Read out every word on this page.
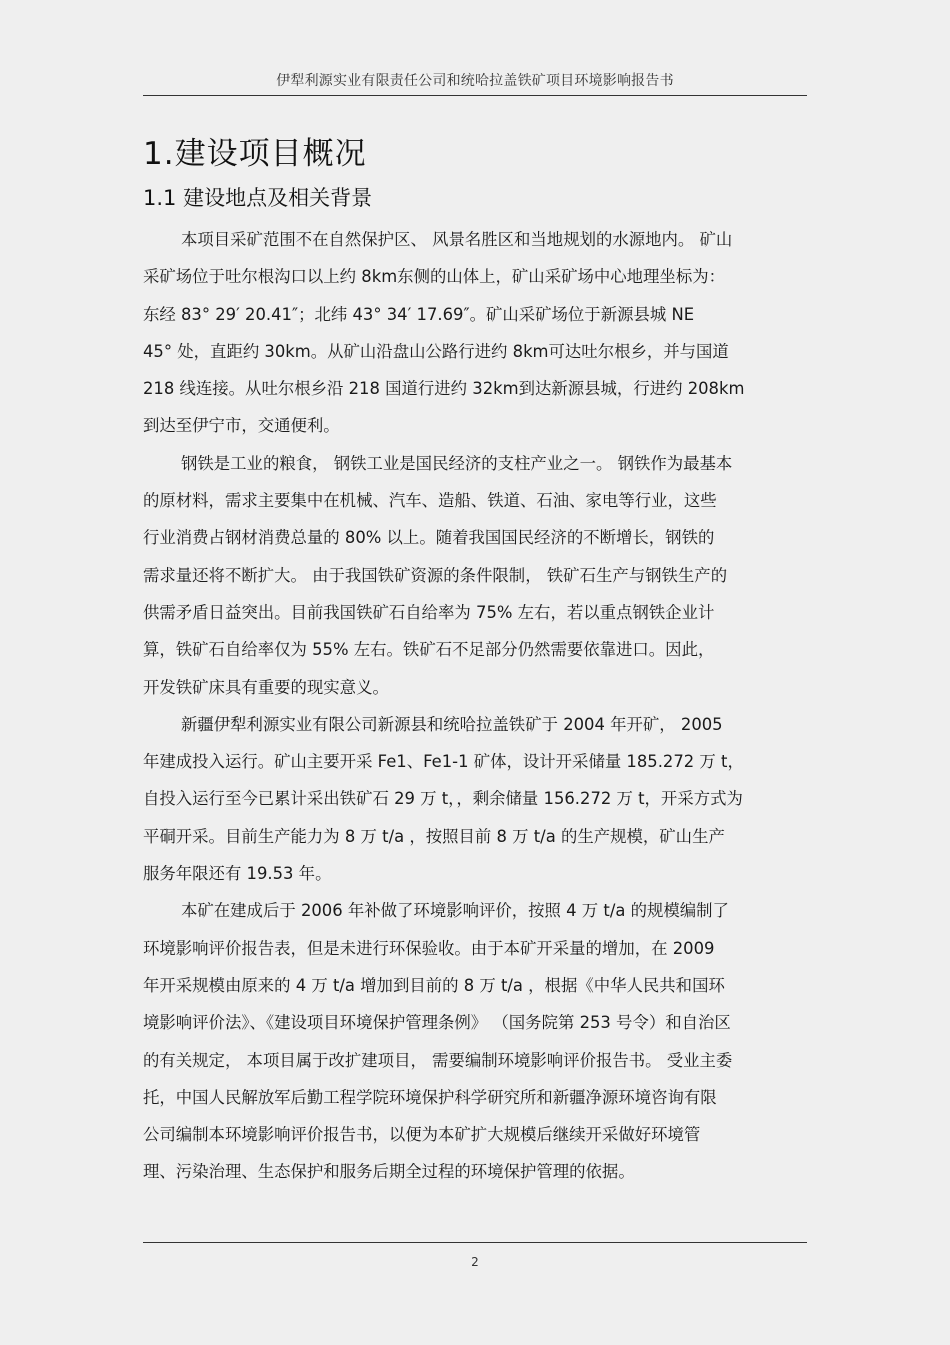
伊犁利源实业有限责任公司和统哈拉盖铁矿项目环境影响报告书
1.建设项目概况
1.1 建设地点及相关背景
本项目采矿范围不在自然保护区、 风景名胜区和当地规划的水源地内。 矿山
采矿场位于吐尔根沟口以上约 8km东侧的山体上，矿山采矿场中心地理坐标为：
东经 83° 29′ 20.41″；北纬 43° 34′ 17.69″。矿山采矿场位于新源县城 NE
45° 处，直距约 30km。从矿山沿盘山公路行进约 8km可达吐尔根乡，并与国道
218 线连接。从吐尔根乡沿 218 国道行进约 32km到达新源县城，行进约 208km
到达至伊宁市，交通便利。
钢铁是工业的粮食， 钢铁工业是国民经济的支柱产业之一。 钢铁作为最基本
的原材料，需求主要集中在机械、汽车、造船、铁道、石油、家电等行业，这些
行业消费占钢材消费总量的 80% 以上。随着我国国民经济的不断增长，钢铁的
需求量还将不断扩大。 由于我国铁矿资源的条件限制， 铁矿石生产与钢铁生产的
供需矛盾日益突出。目前我国铁矿石自给率为 75% 左右，若以重点钢铁企业计
算，铁矿石自给率仅为 55% 左右。铁矿石不足部分仍然需要依靠进口。因此，
开发铁矿床具有重要的现实意义。
新疆伊犁利源实业有限公司新源县和统哈拉盖铁矿于 2004 年开矿， 2005
年建成投入运行。矿山主要开采 Fe1、Fe1-1 矿体，设计开采储量 185.272 万 t，
自投入运行至今已累计采出铁矿石 29 万 t，，剩余储量 156.272 万 t，开采方式为
平硐开采。目前生产能力为 8 万 t/a ，按照目前 8 万 t/a 的生产规模，矿山生产
服务年限还有 19.53 年。
本矿在建成后于 2006 年补做了环境影响评价，按照 4 万 t/a 的规模编制了
环境影响评价报告表，但是未进行环保验收。由于本矿开采量的增加，在 2009
年开采规模由原来的 4 万 t/a 增加到目前的 8 万 t/a ，根据《中华人民共和国环
境影响评价法》、《建设项目环境保护管理条例》 （国务院第 253 号令）和自治区
的有关规定， 本项目属于改扩建项目， 需要编制环境影响评价报告书。 受业主委
托，中国人民解放军后勤工程学院环境保护科学研究所和新疆净源环境咨询有限
公司编制本环境影响评价报告书，以便为本矿扩大规模后继续开采做好环境管
理、污染治理、生态保护和服务后期全过程的环境保护管理的依据。
2
